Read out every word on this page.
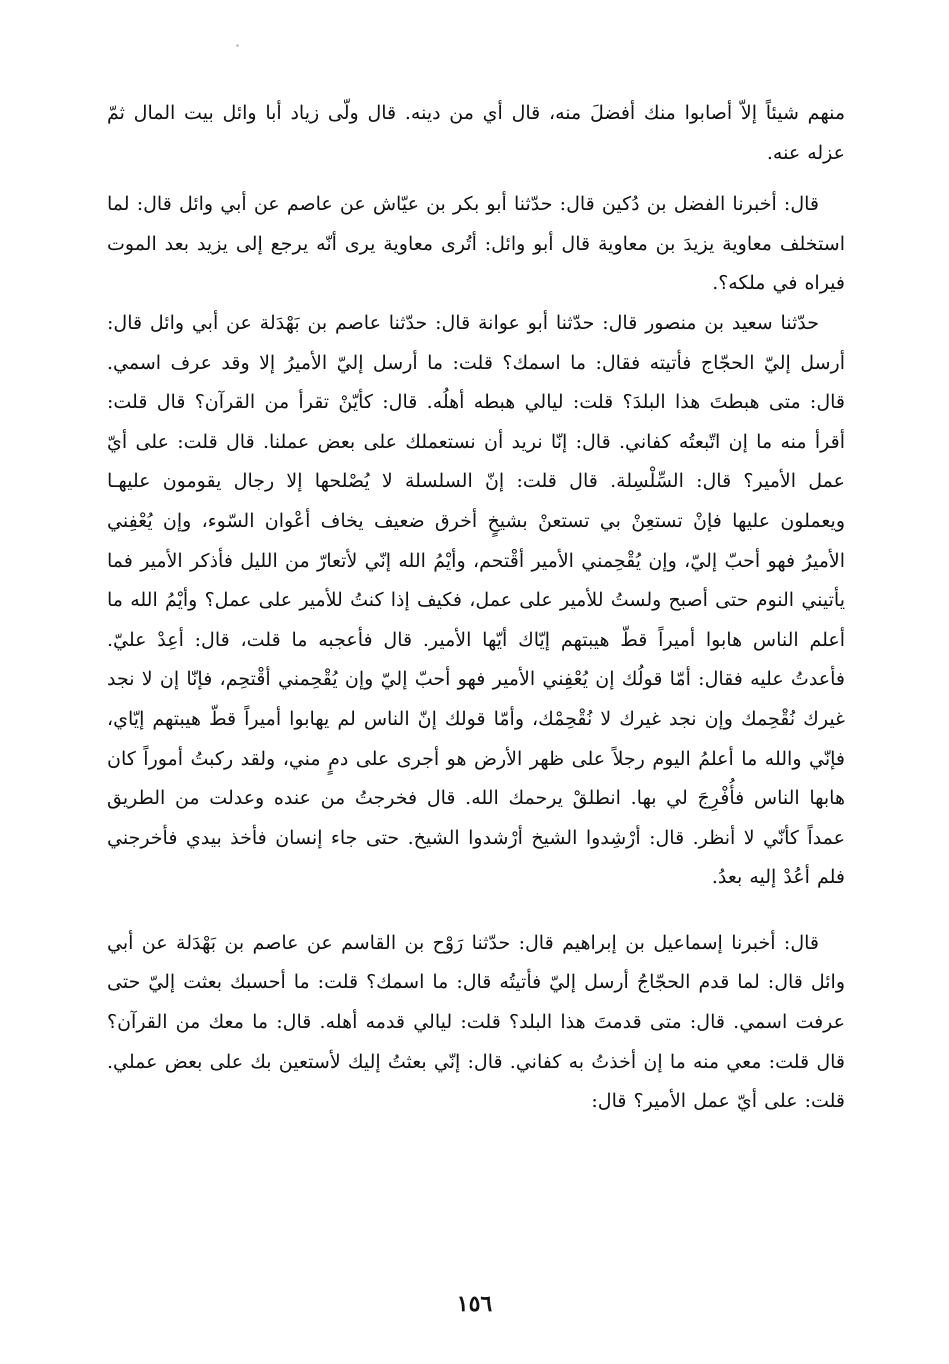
منهم شيئاً إلاّ أصابوا منك أفضلَ منه، قال أي من دينه. قال ولّى زياد أبا وائل بيت المال ثمّ عزله عنه.

قال: أخبرنا الفضل بن دُكين قال: حدّثنا أبو بكر بن عيّاش عن عاصم عن أبي وائل قال: لما استخلف معاوية يزيدَ بن معاوية قال أبو وائل: أتُرى معاوية يرى أنّه يرجع إلى يزيد بعد الموت فيراه في ملكه؟.

حدّثنا سعيد بن منصور قال: حدّثنا أبو عوانة قال: حدّثنا عاصم بن بَهْدَلة عن أبي وائل قال: أرسل إليّ الحجّاج فأتيته فقال: ما اسمك؟ قلت: ما أرسل إليّ الأميرُ إلا وقد عرف اسمي. قال: متى هبطتَ هذا البلدَ؟ قلت: ليالي هبطه أهلُه. قال: كأيّنْ تقرأ من القرآن؟ قال قلت: أقرأ منه ما إن اتّبعتُه كفاني. قال: إنّا نريد أن نستعملك على بعض عملنا. قال قلت: على أيّ عمل الأمير؟ قال: السِّلْسِلة. قال قلت: إنّ السلسلة لا يُصْلحها إلا رجال يقومون عليهـا ويعملون عليها فإنْ تستعِنْ بي تستعنْ بشيخٍ أخرق ضعيف يخاف أعْوان السّوء، وإن يُعْفِني الأميرُ فهو أحبّ إليّ، وإن يُقْحِمني الأمير أقْتحم، وأيْمُ الله إنّي لأتعارّ من الليل فأذكر الأمير فما يأتيني النوم حتى أصبح ولستُ للأمير على عمل، فكيف إذا كنتُ للأمير على عمل؟ وأيْمُ الله ما أعلم الناس هابوا أميراً قطّ هيبتهم إيّاك أيّها الأمير. قال فأعجبه ما قلت، قال: أعِدْ عليّ. فأعدتُ عليه فقال: أمّا قولُك إن يُعْفِني الأمير فهو أحبّ إليّ وإن يُقْحِمني أقْتحِم، فإنّا إن لا نجد غيرك نُقْحِمك وإن نجد غيرك لا نُقْحِمْك، وأمّا قولك إنّ الناس لم يهابوا أميراً قطّ هيبتهم إيّاي، فإنّي والله ما أعلمُ اليوم رجلاً على ظهر الأرض هو أجرى على دمٍ مني، ولقد ركبتُ أموراً كان هابها الناس فأُفْرِجَ لي بها. انطلقْ يرحمك الله. قال فخرجتُ من عنده وعدلت من الطريق عمداً كأنّي لا أنظر. قال: أرْشِدوا الشيخ أرْشدوا الشيخ. حتى جاء إنسان فأخذ بيدي فأخرجني فلم أعُدْ إليه بعدُ.

قال: أخبرنا إسماعيل بن إبراهيم قال: حدّثنا رَوْح بن القاسم عن عاصم بن بَهْدَلة عن أبي وائل قال: لما قدم الحجّاجُ أرسل إليّ فأتيتُه قال: ما اسمك؟ قلت: ما أحسبك بعثت إليّ حتى عرفت اسمي. قال: متى قدمتَ هذا البلد؟ قلت: ليالي قدمه أهله. قال: ما معك من القرآن؟ قال قلت: معي منه ما إن أخذتُ به كفاني. قال: إنّي بعثتُ إليك لأستعين بك على بعض عملي. قلت: على أيّ عمل الأمير؟ قال:

١٥٦
